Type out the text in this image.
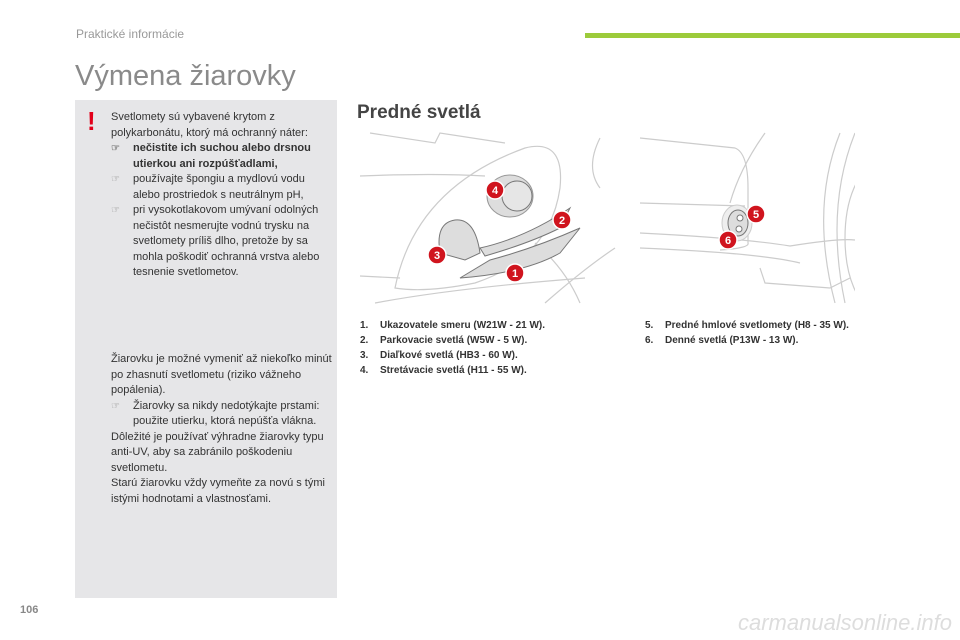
Praktické informácie
Výmena žiarovky
! Svetlomety sú vybavené krytom z polykarbonátu, ktorý má ochranný náter:
☞ nečistite ich suchou alebo drsnou utierkou ani rozpúšťadlami,
☞ používajte špongiu a mydlovú vodu alebo prostriedok s neutrálnym pH,
☞ pri vysokotlakovom umývaní odolných nečistôt nesmerujte vodnú trysku na svetlomety príliš dlho, pretože by sa mohla poškodiť ochranná vrstva alebo tesnenie svetlometov.
Žiarovku je možné vymeniť až niekoľko minút po zhasnutí svetlometu (riziko vážneho popálenia).
☞ Žiarovky sa nikdy nedotýkajte prstami: použite utierku, ktorá nepúšťa vlákna.
Dôležité je používať výhradne žiarovky typu anti-UV, aby sa zabránilo poškodeniu svetlometu.
Starú žiarovku vždy vymeňte za novú s tými istými hodnotami a vlastnosťami.
Predné svetlá
1
2
3
4
5
6
1. Ukazovatele smeru (W21W - 21 W).
2. Parkovacie svetlá (W5W - 5 W).
3. Diaľkové svetlá (HB3 - 60 W).
4. Stretávacie svetlá (H11 - 55 W).
5. Predné hmlové svetlomety (H8 - 35 W).
6. Denné svetlá (P13W - 13 W).
106	carmanualsonline.info
